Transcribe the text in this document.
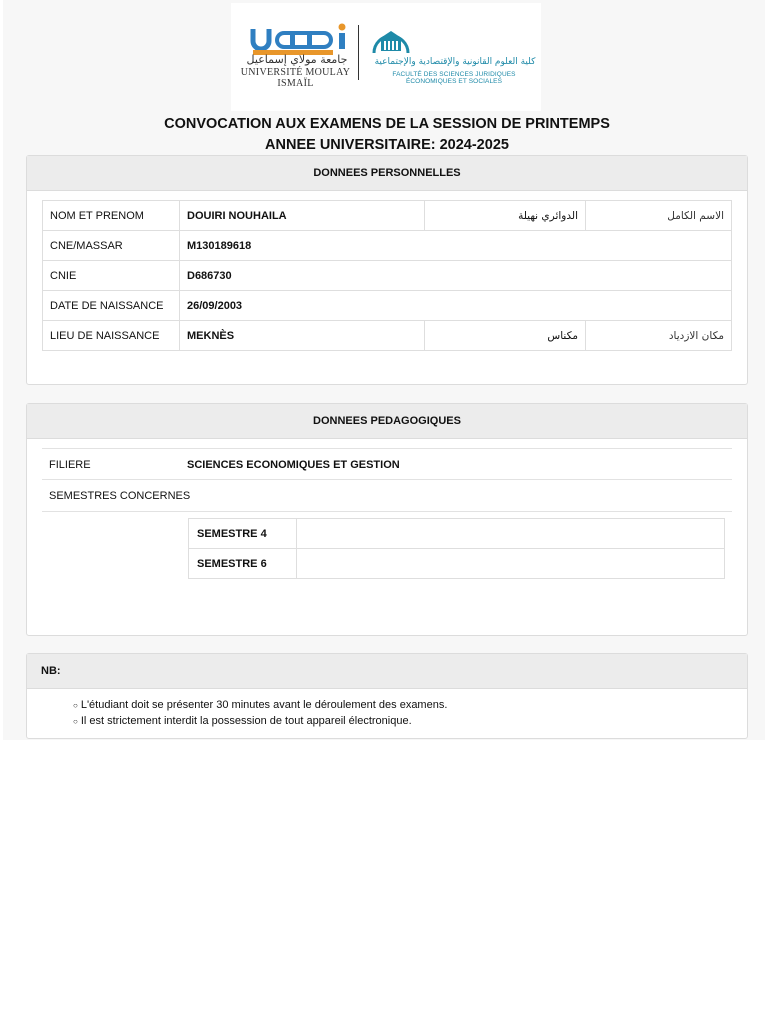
جامعة مولاي إسماعيل
UNIVERSITÉ MOULAY ISMAÏL
كلية العلوم القانونية والإقتصادية والإجتماعية
FACULTÉ DES SCIENCES JURIDIQUES ÉCONOMIQUES ET SOCIALES
CONVOCATION AUX EXAMENS DE LA SESSION DE PRINTEMPS
ANNEE UNIVERSITAIRE: 2024-2025
DONNEES PERSONNELLES
NOM ET PRENOM	DOUIRI NOUHAILA	الدوائري نهيلة	الاسم الكامل
CNE/MASSAR	M130189618		
CNIE	D686730		
DATE DE NAISSANCE	26/09/2003		
LIEU DE NAISSANCE	MEKNÈS	مكناس	مكان الازدياد
DONNEES PEDAGOGIQUES
FILIERE	SCIENCES ECONOMIQUES ET GESTION
SEMESTRES CONCERNES
SEMESTRE 4	
SEMESTRE 6	
NB:
○ L'étudiant doit se présenter 30 minutes avant le déroulement des examens.
○ Il est strictement interdit la possession de tout appareil électronique.
